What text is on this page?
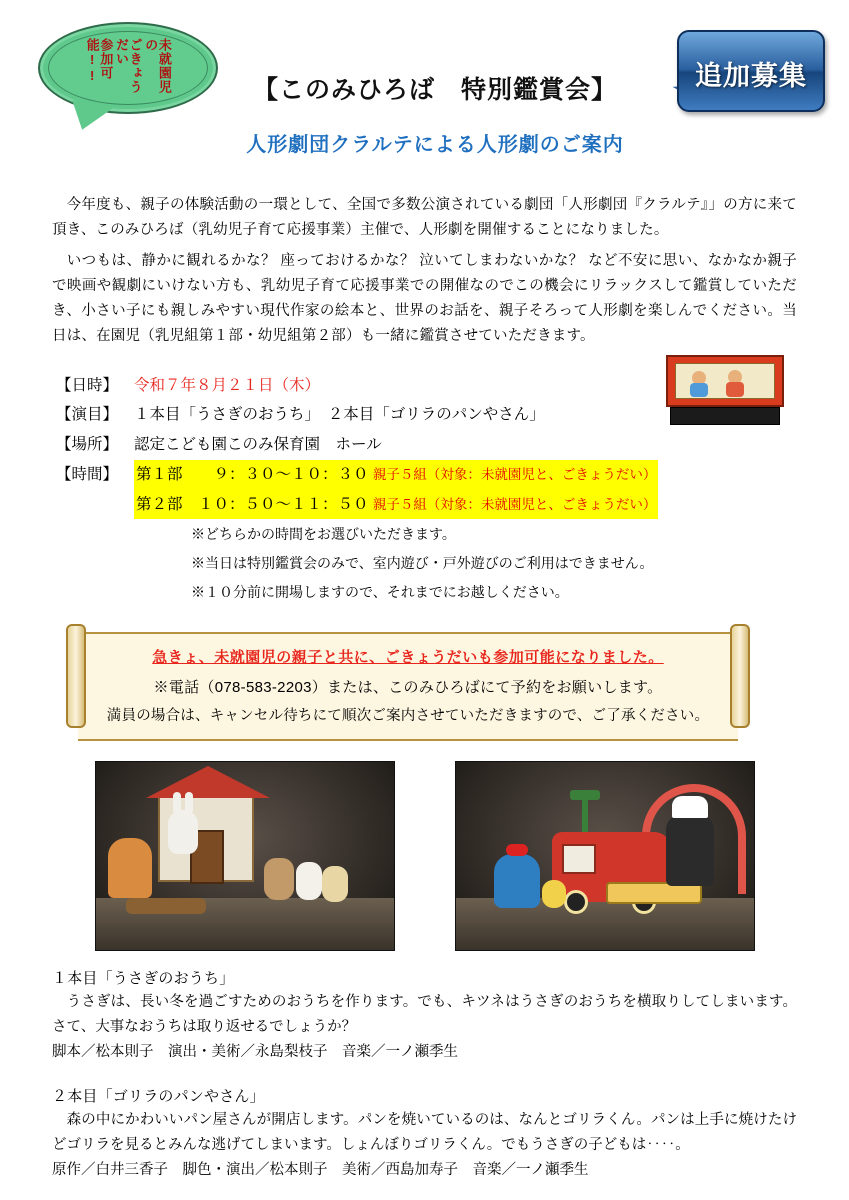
未就園児の
ごきょうだい
参加可能!!	追加募集
【このみひろば　特別鑑賞会】
人形劇団クラルテによる人形劇のご案内

今年度も、親子の体験活動の一環として、全国で多数公演されている劇団「人形劇団『クラルテ』」の方に来て頂き、このみひろば（乳幼児子育て応援事業）主催で、人形劇を開催することになりました。

いつもは、静かに観れるかな？ 座っておけるかな？ 泣いてしまわないかな？ など不安に思い、なかなか親子で映画や観劇にいけない方も、乳幼児子育て応援事業での開催なのでこの機会にリラックスして鑑賞していただき、小さい子にも親しみやすい現代作家の絵本と、世界のお話を、親子そろって人形劇を楽しんでください。当日は、在園児（乳児組第１部・幼児組第２部）も一緒に鑑賞させていただきます。

【日時】	令和７年８月２１日（木）
【演目】	１本目「うさぎのおうち」　２本目「ゴリラのパンやさん」
【場所】	認定こども園このみ保育園　ホール
【時間】	第１部　　９：３０～１０：３０ 親子５組（対象：未就園児と、ごきょうだい）
第２部　１０：５０～１１：５０ 親子５組（対象：未就園児と、ごきょうだい）
※どちらかの時間をお選びいただきます。
※当日は特別鑑賞会のみで、室内遊び・戸外遊びのご利用はできません。
※１０分前に開場しますので、それまでにお越しください。
急きょ、未就園児の親子と共に、ごきょうだいも参加可能になりました。
※電話（078-583-2203）または、このみひろばにて予約をお願いします。
満員の場合は、キャンセル待ちにて順次ご案内させていただきますので、ご了承ください。
１本目「うさぎのおうち」
うさぎは、長い冬を過ごすためのおうちを作ります。でも、キツネはうさぎのおうちを横取りしてしまいます。さて、大事なおうちは取り返せるでしょうか？
脚本／松本則子　演出・美術／永島梨枝子　音楽／一ノ瀬季生
２本目「ゴリラのパンやさん」
森の中にかわいいパン屋さんが開店します。パンを焼いているのは、なんとゴリラくん。パンは上手に焼けたけどゴリラを見るとみんな逃げてしまいます。しょんぼりゴリラくん。でもうさぎの子どもは‥‥。
原作／白井三香子　脚色・演出／松本則子　美術／西島加寿子　音楽／一ノ瀬季生
